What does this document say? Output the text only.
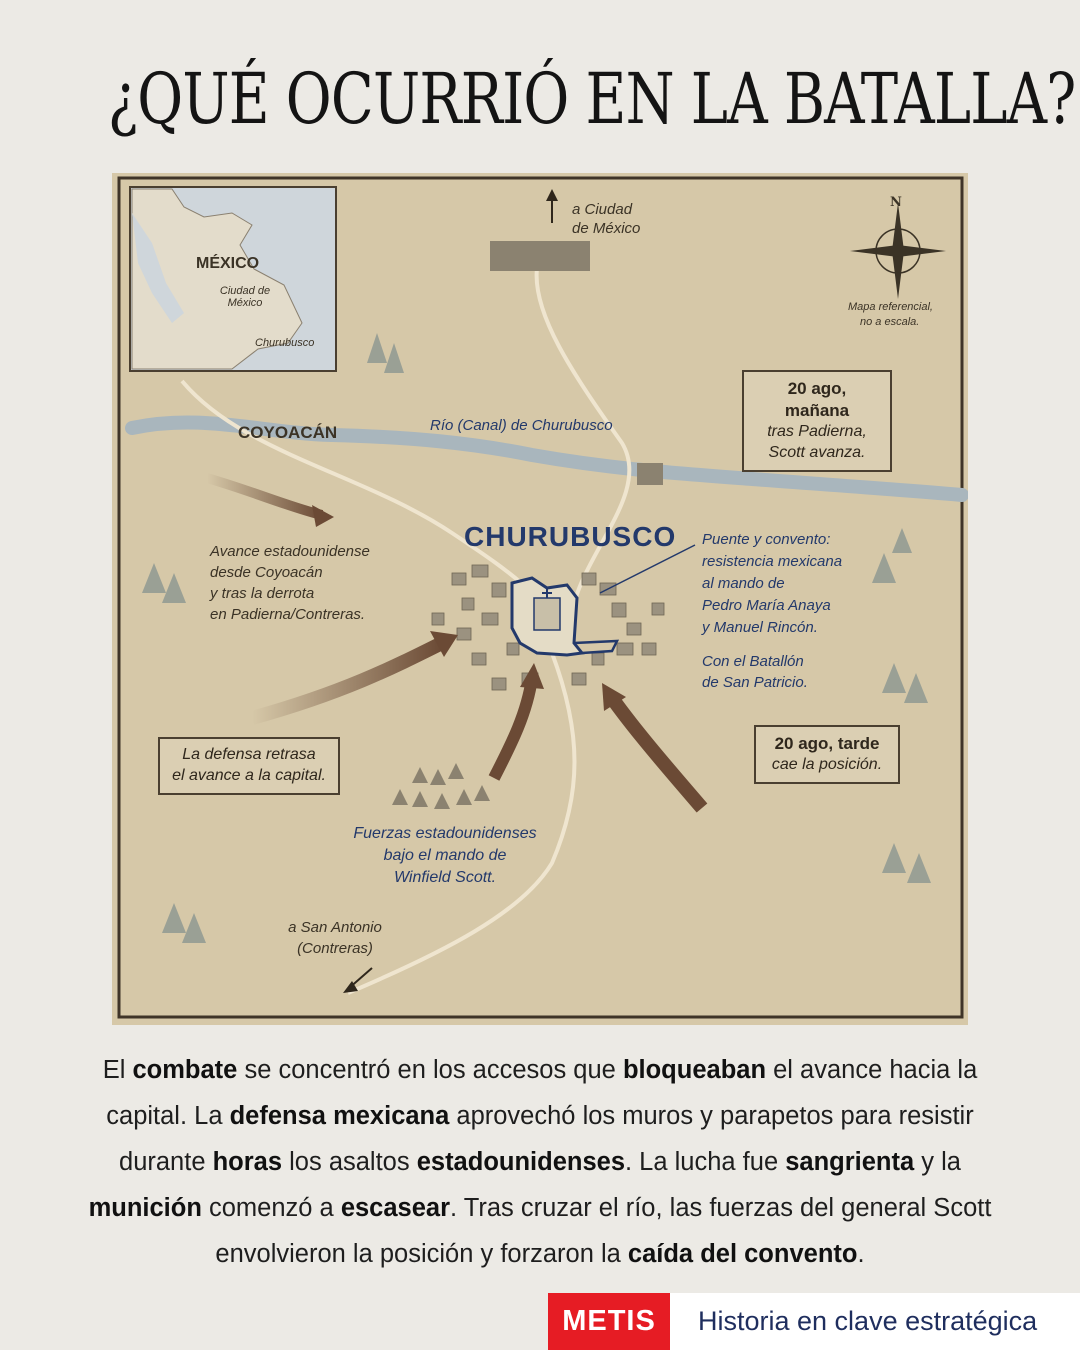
¿QUÉ OCURRIÓ EN LA BATALLA?
MÉXICO
Ciudad de México
Churubusco
N
Mapa referencial,
no a escala.
a Ciudad
de México
COYOACÁN	Río (Canal) de Churubusco
CHURUBUSCO
20 ago, mañana
tras Padierna,
Scott avanza.
Avance estadounidense
desde Coyoacán
y tras la derrota
en Padierna/Contreras.
Puente y convento:
resistencia mexicana
al mando de
Pedro María Anaya
y Manuel Rincón.
Con el Batallón
de San Patricio.
La defensa retrasa
el avance a la capital.
20 ago, tarde
cae la posición.
Fuerzas estadounidenses
bajo el mando de
Winfield Scott.
a San Antonio
(Contreras)

El combate se concentró en los accesos que bloqueaban el avance hacia la capital. La defensa mexicana aprovechó los muros y parapetos para resistir durante horas los asaltos estadounidenses. La lucha fue sangrienta y la munición comenzó a escasear. Tras cruzar el río, las fuerzas del general Scott envolvieron la posición y forzaron la caída del convento.

METIS	Historia en clave estratégica
